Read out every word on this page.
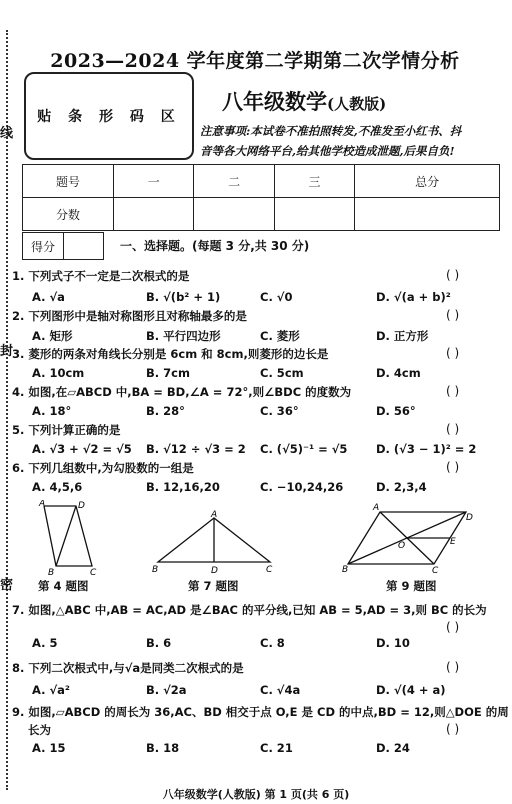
线
封
密
2023—2024 学年度第二学期第二次学情分析
贴 条 形 码 区
八年级数学(人教版)
注意事项:本试卷不准拍照转发,不准发至小红书、抖
音等各大网络平台,给其他学校造成泄题,后果自负!
题号	一	二	三	总分
分数				
得分	一、选择题。(每题 3 分,共 30 分)
1. 下列式子不一定是二次根式的是	( )
A. √a	B. √(b² + 1)	C. √0	D. √(a + b)²
2. 下列图形中是轴对称图形且对称轴最多的是	( )
A. 矩形	B. 平行四边形	C. 菱形	D. 正方形
3. 菱形的两条对角线长分别是 6cm 和 8cm,则菱形的边长是	( )
A. 10cm	B. 7cm	C. 5cm	D. 4cm
4. 如图,在▱ABCD 中,BA = BD,∠A = 72°,则∠BDC 的度数为	( )
A. 18°	B. 28°	C. 36°	D. 56°
5. 下列计算正确的是	( )
A. √3 + √2 = √5 B. √12 ÷ √3 = 2 C. (√5)⁻¹ = √5 D. (√3 − 1)² = 2
6. 下列几组数中,为勾股数的一组是	( )
A. 4,5,6	B. 12,16,20	C. −10,24,26	D. 2,3,4
A	D
B	C
第 4 题图
A
B	D	C
第 7 题图
A
D
O	E
B	C
第 9 题图
7. 如图,△ABC 中,AB = AC,AD 是∠BAC 的平分线,已知 AB = 5,AD = 3,则 BC 的长为
( )
A. 5	B. 6	C. 8	D. 10
8. 下列二次根式中,与√a是同类二次根式的是	( )
A. √a²	B. √2a	C. √4a	D. √(4 + a)
9. 如图,▱ABCD 的周长为 36,AC、BD 相交于点 O,E 是 CD 的中点,BD = 12,则△DOE 的周
长为	( )
A. 15	B. 18	C. 21	D. 24
八年级数学(人教版) 第 1 页(共 6 页)
